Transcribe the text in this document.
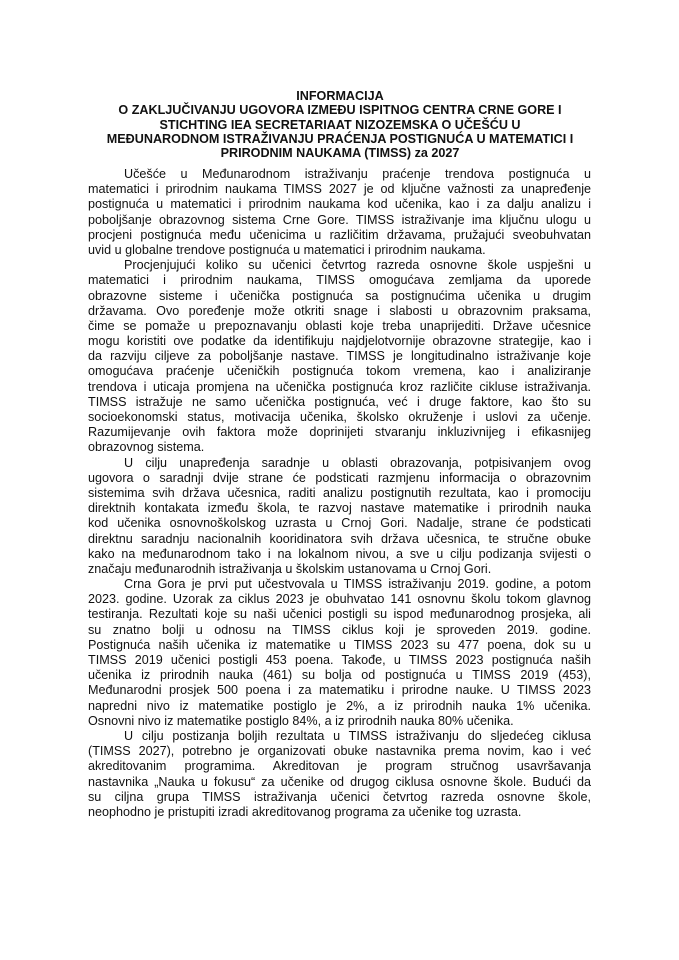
INFORMACIJA
O ZAKLJUČIVANJU UGOVORA IZMEĐU ISPITNOG CENTRA CRNE GORE I
STICHTING IEA SECRETARIAAT NIZOZEMSKA O UČEŠĆU U
MEĐUNARODNOM ISTRAŽIVANJU PRAĆENJA POSTIGNUĆA U MATEMATICI I
PRIRODNIM NAUKAMA (TIMSS) za 2027
Učešće u Međunarodnom istraživanju praćenje trendova postignuća u
matematici i prirodnim naukama TIMSS 2027 je od ključne važnosti za unapređenje
postignuća u matematici i prirodnim naukama kod učenika, kao i za dalju analizu i
poboljšanje obrazovnog sistema Crne Gore. TIMSS istraživanje ima ključnu ulogu u
procjeni postignuća među učenicima u različitim državama, pružajući sveobuhvatan
uvid u globalne trendove postignuća u matematici i prirodnim naukama.
Procjenjujući koliko su učenici četvrtog razreda osnovne škole uspješni u
matematici i prirodnim naukama, TIMSS omogućava zemljama da uporede
obrazovne sisteme i učenička postignuća sa postignućima učenika u drugim
državama. Ovo poređenje može otkriti snage i slabosti u obrazovnim praksama,
čime se pomaže u prepoznavanju oblasti koje treba unaprijediti. Države učesnice
mogu koristiti ove podatke da identifikuju najdjelotvornije obrazovne strategije, kao i
da razviju ciljeve za poboljšanje nastave. TIMSS je longitudinalno istraživanje koje
omogućava praćenje učeničkih postignuća tokom vremena, kao i analiziranje
trendova i uticaja promjena na učenička postignuća kroz različite cikluse istraživanja.
TIMSS istražuje ne samo učenička postignuća, već i druge faktore, kao što su
socioekonomski status, motivacija učenika, školsko okruženje i uslovi za učenje.
Razumijevanje ovih faktora može doprinijeti stvaranju inkluzivnijeg i efikasnijeg
obrazovnog sistema.
U cilju unapređenja saradnje u oblasti obrazovanja, potpisivanjem ovog
ugovora o saradnji dvije strane će podsticati razmjenu informacija o obrazovnim
sistemima svih država učesnica, raditi analizu postignutih rezultata, kao i promociju
direktnih kontakata između škola, te razvoj nastave matematike i prirodnih nauka
kod učenika osnovnoškolskog uzrasta u Crnoj Gori. Nadalje, strane će podsticati
direktnu saradnju nacionalnih kooridinatora svih država učesnica, te stručne obuke
kako na međunarodnom tako i na lokalnom nivou, a sve u cilju podizanja svijesti o
značaju međunarodnih istraživanja u školskim ustanovama u Crnoj Gori.
Crna Gora je prvi put učestvovala u TIMSS istraživanju 2019. godine, a potom
2023. godine. Uzorak za ciklus 2023 je obuhvatao 141 osnovnu školu tokom glavnog
testiranja. Rezultati koje su naši učenici postigli su ispod međunarodnog prosjeka, ali
su znatno bolji u odnosu na TIMSS ciklus koji je sproveden 2019. godine.
Postignuća naših učenika iz matematike u TIMSS 2023 su 477 poena, dok su u
TIMSS 2019 učenici postigli 453 poena. Takođe, u TIMSS 2023 postignuća naših
učenika iz prirodnih nauka (461) su bolja od postignuća u TIMSS 2019 (453),
Međunarodni prosjek 500 poena i za matematiku i prirodne nauke. U TIMSS 2023
napredni nivo iz matematike postiglo je 2%, a iz prirodnih nauka 1% učenika.
Osnovni nivo iz matematike postiglo 84%, a iz prirodnih nauka 80% učenika.
U cilju postizanja boljih rezultata u TIMSS istraživanju do sljedećeg ciklusa
(TIMSS 2027), potrebno je organizovati obuke nastavnika prema novim, kao i već
akreditovanim programima. Akreditovan je program stručnog usavršavanja
nastavnika „Nauka u fokusu“ za učenike od drugog ciklusa osnovne škole. Budući da
su ciljna grupa TIMSS istraživanja učenici četvrtog razreda osnovne škole,
neophodno je pristupiti izradi akreditovanog programa za učenike tog uzrasta.
